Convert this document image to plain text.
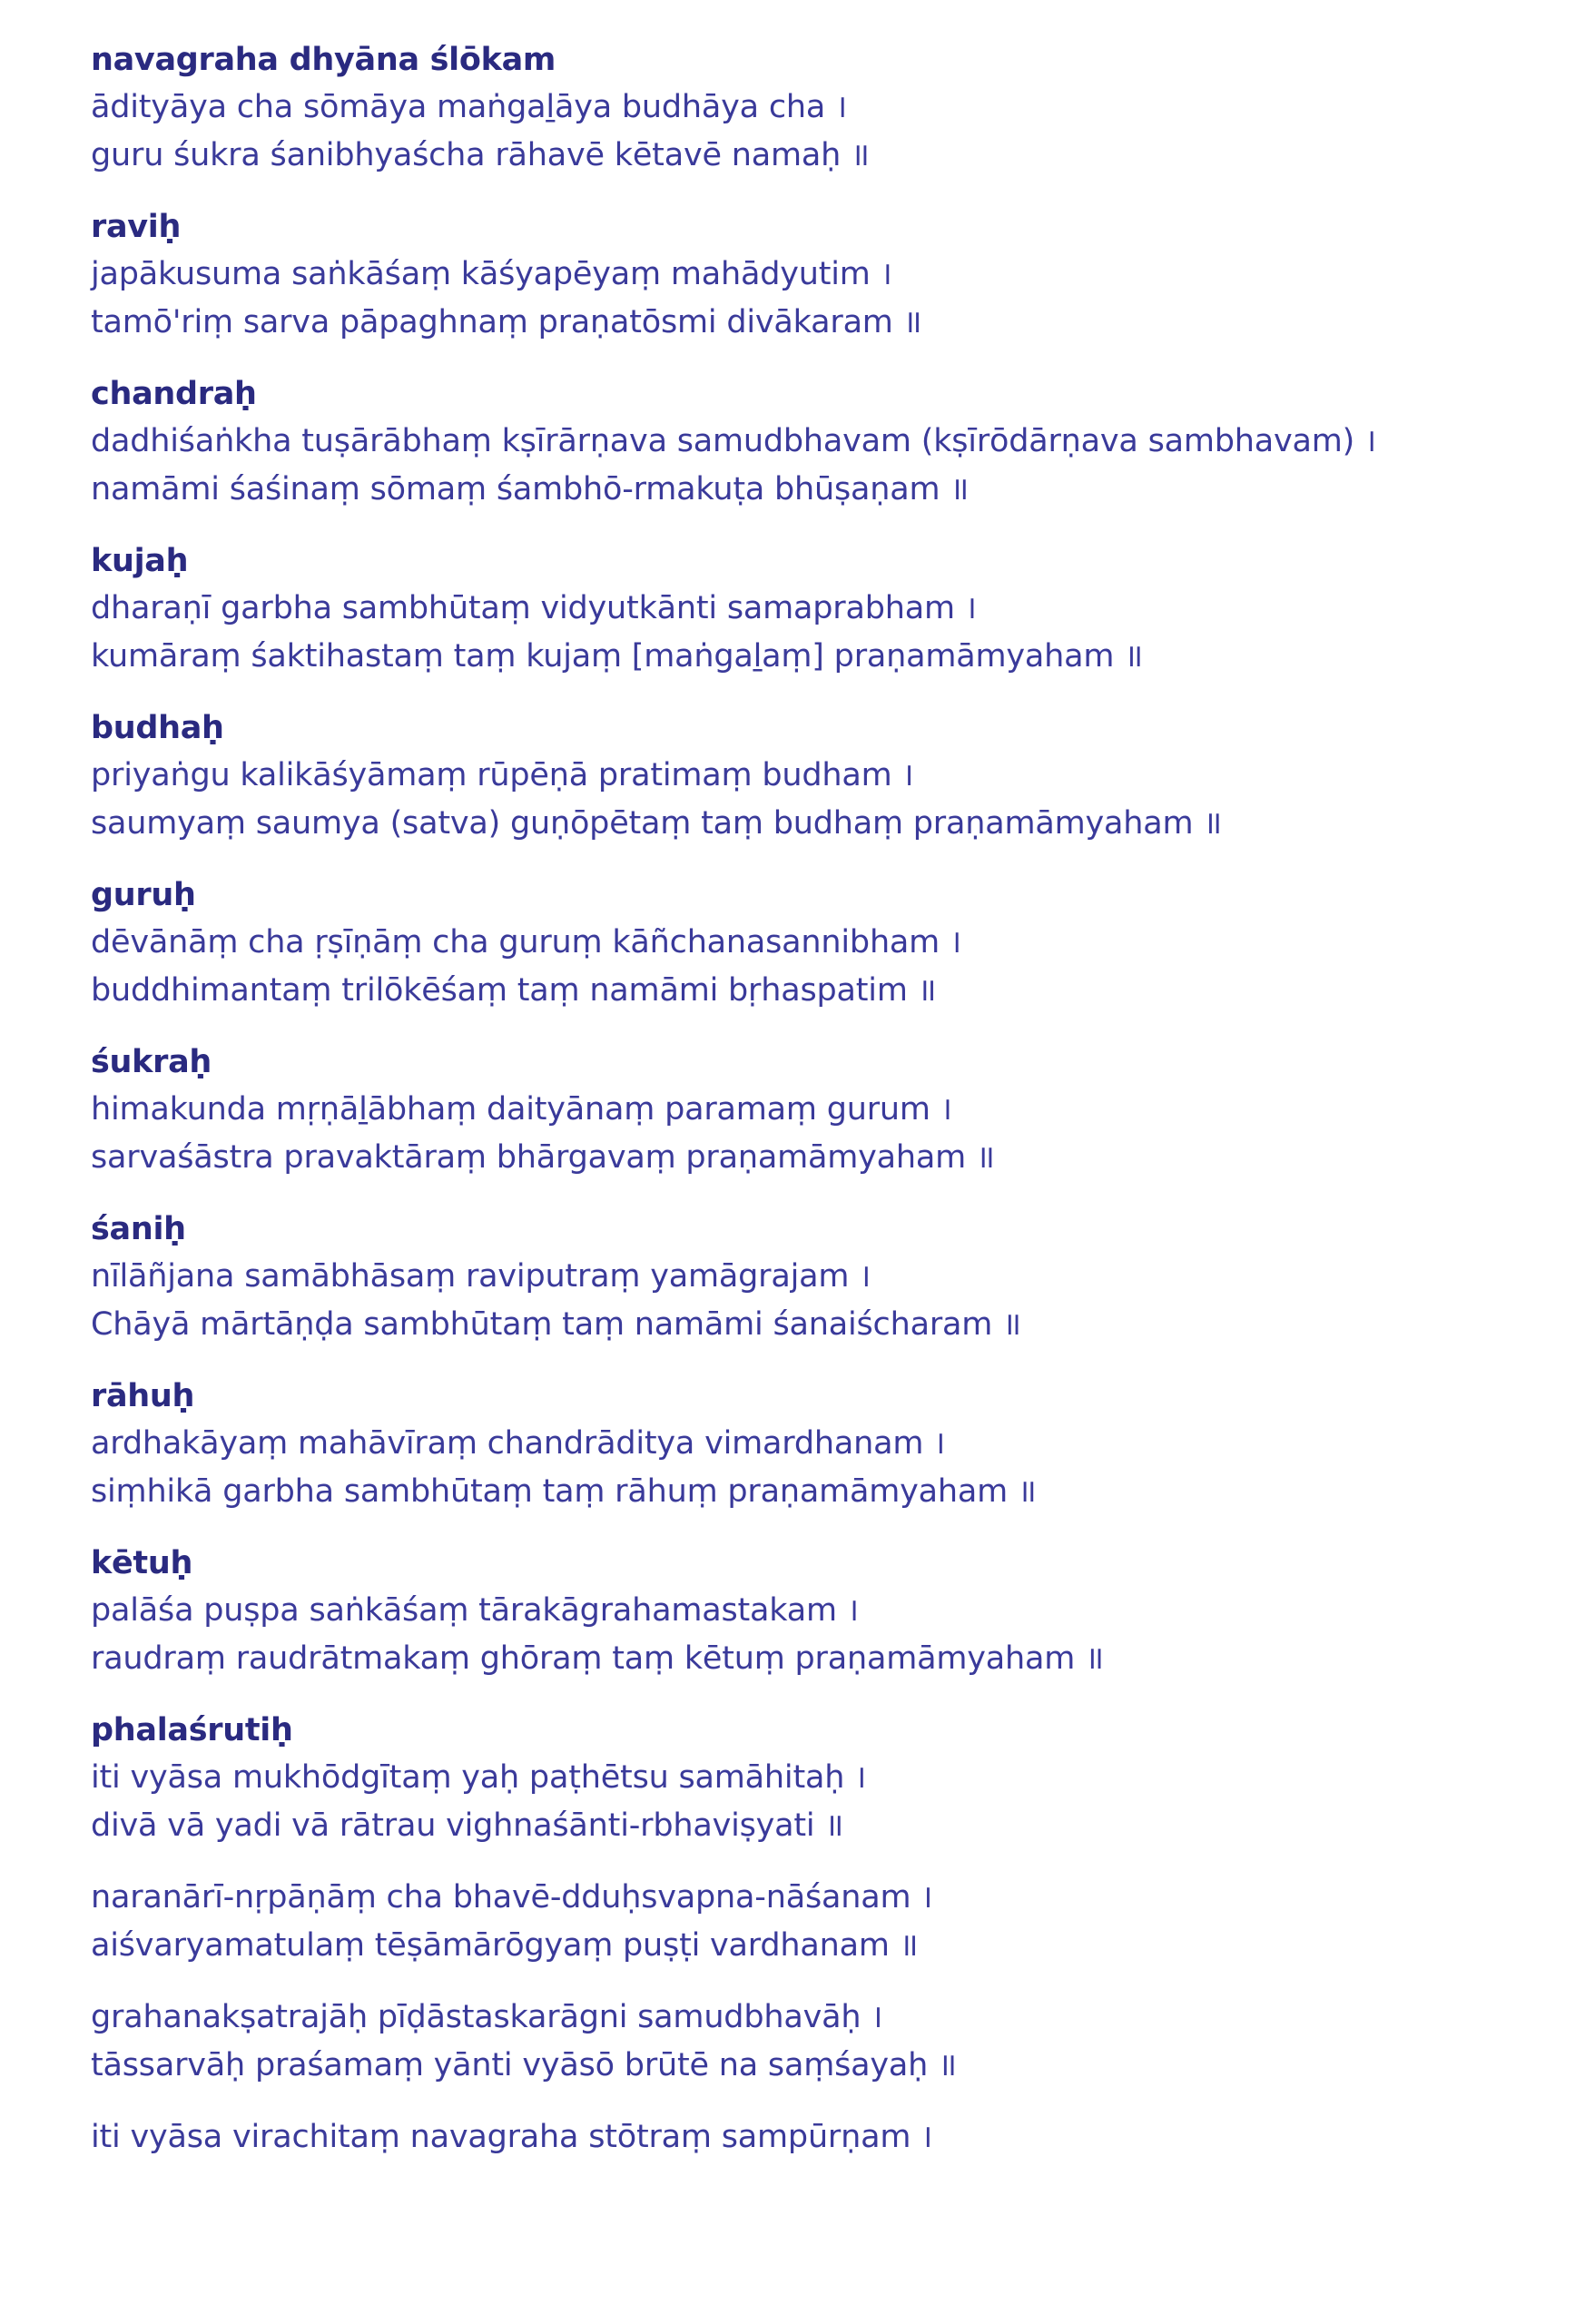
navagraha dhyāna ślōkam
ādityāya cha sōmāya maṅgaḻāya budhāya cha ।
guru śukra śanibhyaścha rāhavē kētavē namaḥ ॥
raviḥ
japākusuma saṅkāśaṃ kāśyapēyaṃ mahādyutim ।
tamō'riṃ sarva pāpaghnaṃ praṇatōsmi divākaram ॥
chandraḥ
dadhiśaṅkha tuṣārābhaṃ kṣīrārṇava samudbhavam (kṣīrōdārṇava sambhavam) ।
namāmi śaśinaṃ sōmaṃ śambhō-rmakuṭa bhūṣaṇam ॥
kujaḥ
dharaṇī garbha sambhūtaṃ vidyutkānti samaprabham ।
kumāraṃ śaktihastaṃ taṃ kujaṃ [maṅgaḻaṃ] praṇamāmyaham ॥
budhaḥ
priyaṅgu kalikāśyāmaṃ rūpēṇā pratimaṃ budham ।
saumyaṃ saumya (satva) guṇōpētaṃ taṃ budhaṃ praṇamāmyaham ॥
guruḥ
dēvānāṃ cha ṛṣīṇāṃ cha guruṃ kāñchanasannibham ।
buddhimantaṃ trilōkēśaṃ taṃ namāmi bṛhaspatim ॥
śukraḥ
himakunda mṛṇāḻābhaṃ daityānaṃ paramaṃ gurum ।
sarvaśāstra pravaktāraṃ bhārgavaṃ praṇamāmyaham ॥
śaniḥ
nīlāñjana samābhāsaṃ raviputraṃ yamāgrajam ।
Chāyā mārtāṇḍa sambhūtaṃ taṃ namāmi śanaiścharam ॥
rāhuḥ
ardhakāyaṃ mahāvīraṃ chandrāditya vimardhanam ।
siṃhikā garbha sambhūtaṃ taṃ rāhuṃ praṇamāmyaham ॥
kētuḥ
palāśa puṣpa saṅkāśaṃ tārakāgrahamastakam ।
raudraṃ raudrātmakaṃ ghōraṃ taṃ kētuṃ praṇamāmyaham ॥
phalaśrutiḥ
iti vyāsa mukhōdgītaṃ yaḥ paṭhētsu samāhitaḥ ।
divā vā yadi vā rātrau vighnaśānti-rbhaviṣyati ॥
naranārī-nṛpāṇāṃ cha bhavē-dduḥsvapna-nāśanam ।
aiśvaryamatulaṃ tēṣāmārōgyaṃ puṣṭi vardhanam ॥
grahanakṣatrajāḥ pīḍāstaskarāgni samudbhavāḥ ।
tāssarvāḥ praśamaṃ yānti vyāsō brūtē na saṃśayaḥ ॥
iti vyāsa virachitaṃ navagraha stōtraṃ sampūrṇam ।
